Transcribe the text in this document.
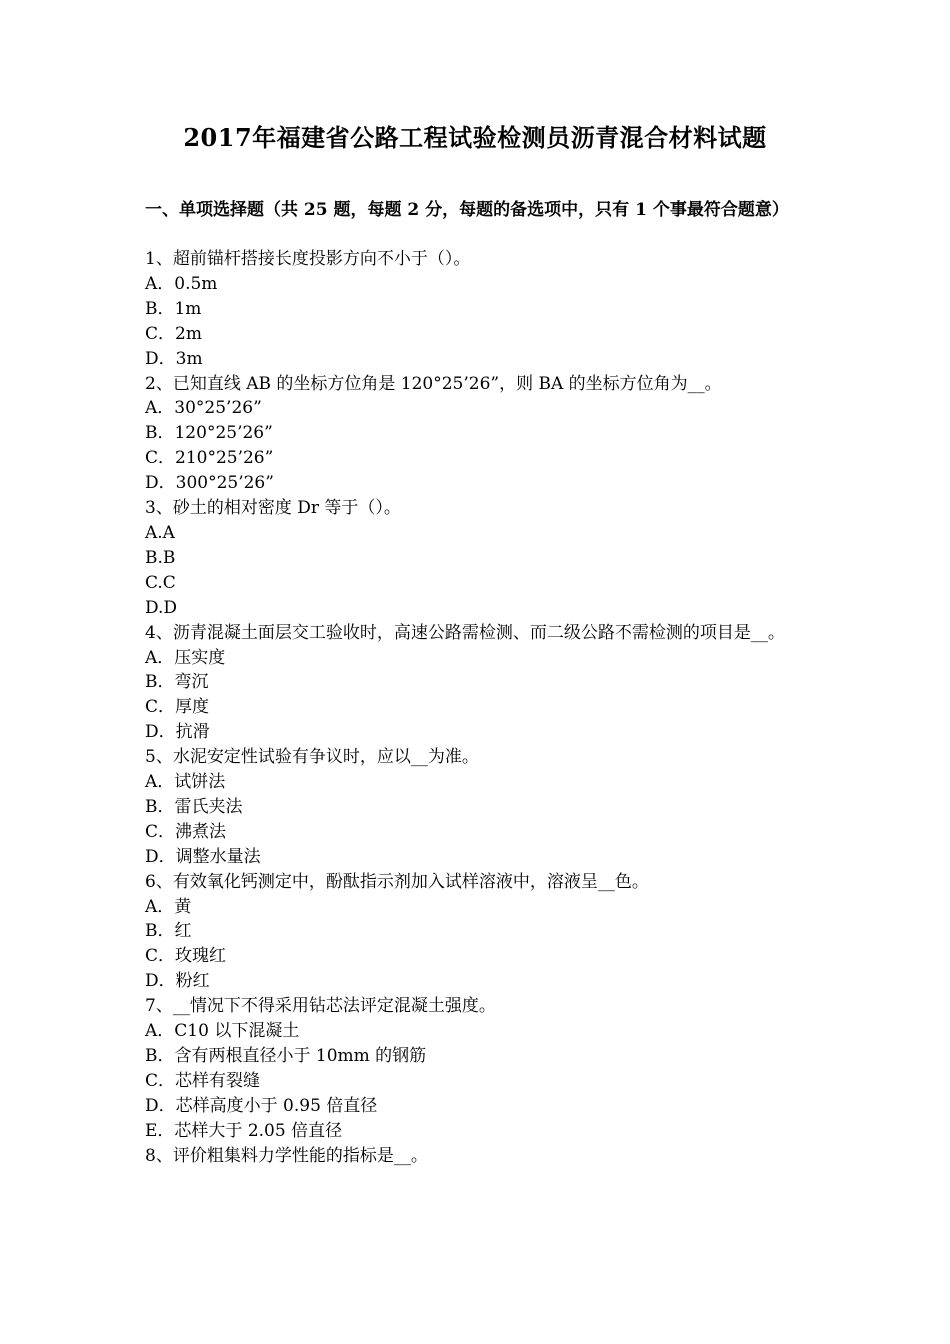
2017年福建省公路工程试验检测员沥青混合材料试题
一、单项选择题（共 25 题，每题 2 分，每题的备选项中，只有 1 个事最符合题意）
1、超前锚杆搭接长度投影方向不小于（）。
A．0.5m
B．1m
C．2m
D．3m
2、已知直线 AB 的坐标方位角是 120°25’26”，则 BA 的坐标方位角为__。
A．30°25’26”
B．120°25’26”
C．210°25’26”
D．300°25’26”
3、砂土的相对密度 Dr 等于（）。
A.A
B.B
C.C
D.D
4、沥青混凝土面层交工验收时，高速公路需检测、而二级公路不需检测的项目是__。
A．压实度
B．弯沉
C．厚度
D．抗滑
5、水泥安定性试验有争议时，应以__为准。
A．试饼法
B．雷氏夹法
C．沸煮法
D．调整水量法
6、有效氧化钙测定中，酚酞指示剂加入试样溶液中，溶液呈__色。
A．黄
B．红
C．玫瑰红
D．粉红
7、__情况下不得采用钻芯法评定混凝土强度。
A．C10 以下混凝土
B．含有两根直径小于 10mm 的钢筋
C．芯样有裂缝
D．芯样高度小于 0.95 倍直径
E．芯样大于 2.05 倍直径
8、评价粗集料力学性能的指标是__。
